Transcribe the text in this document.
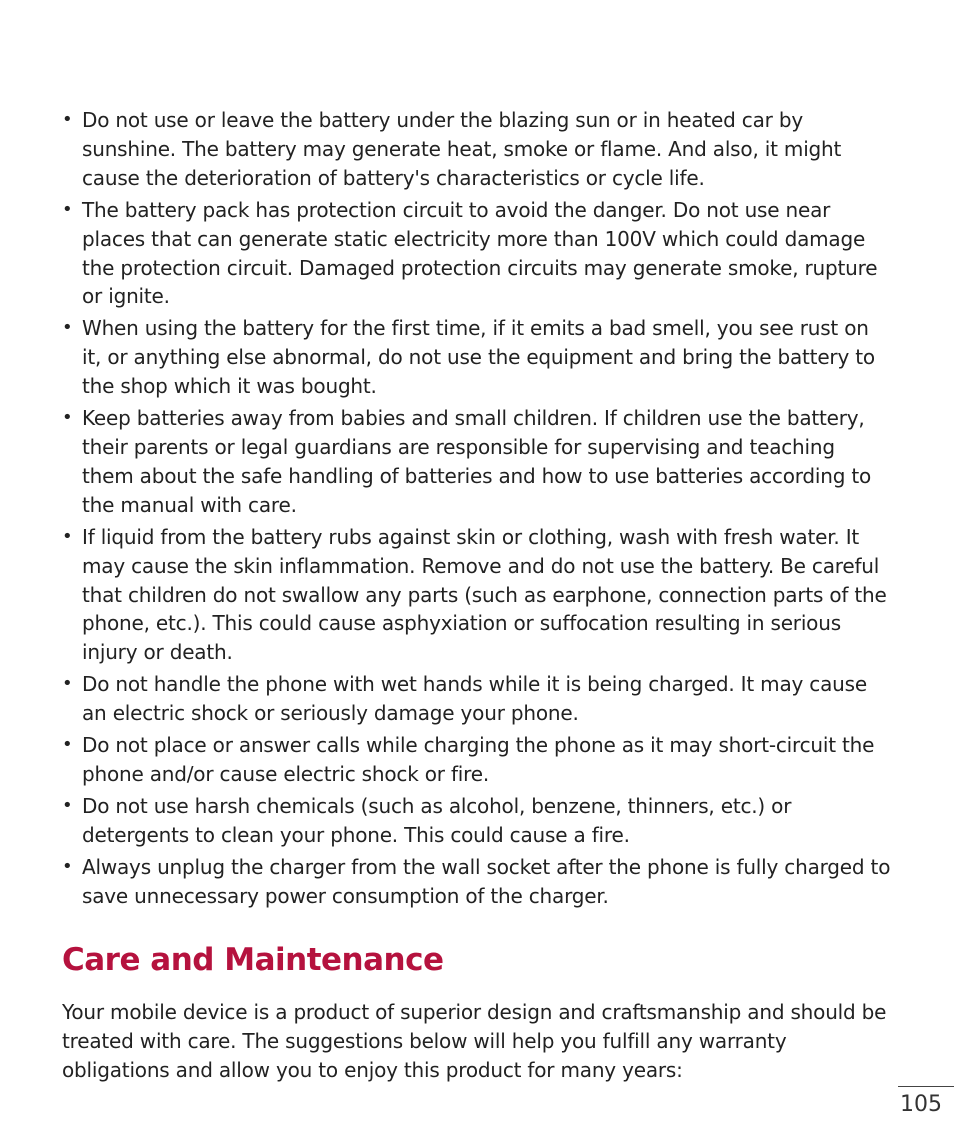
• Do not use or leave the battery under the blazing sun or in heated car by sunshine. The battery may generate heat, smoke or flame. And also, it might cause the deterioration of battery's characteristics or cycle life.
• The battery pack has protection circuit to avoid the danger. Do not use near places that can generate static electricity more than 100V which could damage the protection circuit. Damaged protection circuits may generate smoke, rupture or ignite.
• When using the battery for the first time, if it emits a bad smell, you see rust on it, or anything else abnormal, do not use the equipment and bring the battery to the shop which it was bought.
• Keep batteries away from babies and small children. If children use the battery, their parents or legal guardians are responsible for supervising and teaching them about the safe handling of batteries and how to use batteries according to the manual with care.
• If liquid from the battery rubs against skin or clothing, wash with fresh water. It may cause the skin inflammation. Remove and do not use the battery. Be careful that children do not swallow any parts (such as earphone, connection parts of the phone, etc.). This could cause asphyxiation or suffocation resulting in serious injury or death.
• Do not handle the phone with wet hands while it is being charged. It may cause an electric shock or seriously damage your phone.
• Do not place or answer calls while charging the phone as it may short-circuit the phone and/or cause electric shock or fire.
• Do not use harsh chemicals (such as alcohol, benzene, thinners, etc.) or detergents to clean your phone. This could cause a fire.
• Always unplug the charger from the wall socket after the phone is fully charged to save unnecessary power consumption of the charger.
Care and Maintenance

Your mobile device is a product of superior design and craftsmanship and should be treated with care. The suggestions below will help you fulfill any warranty obligations and allow you to enjoy this product for many years:

105
